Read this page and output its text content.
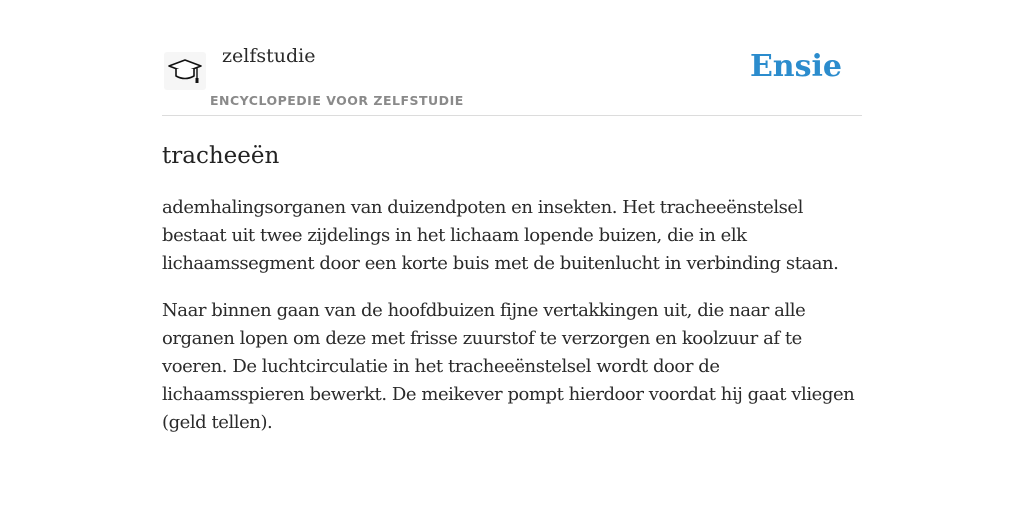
zelfstudie
ENCYCLOPEDIE VOOR ZELFSTUDIE
Ensie
tracheeën

ademhalingsorganen van duizendpoten en insekten. Het tracheeënstelsel bestaat uit twee zijdelings in het lichaam lopende buizen, die in elk lichaamssegment door een korte buis met de buitenlucht in verbinding staan.

Naar binnen gaan van de hoofdbuizen fijne vertakkingen uit, die naar alle organen lopen om deze met frisse zuurstof te verzorgen en koolzuur af te voeren. De luchtcirculatie in het tracheeënstelsel wordt door de lichaamsspieren bewerkt. De meikever pompt hierdoor voordat hij gaat vliegen (geld tellen).
